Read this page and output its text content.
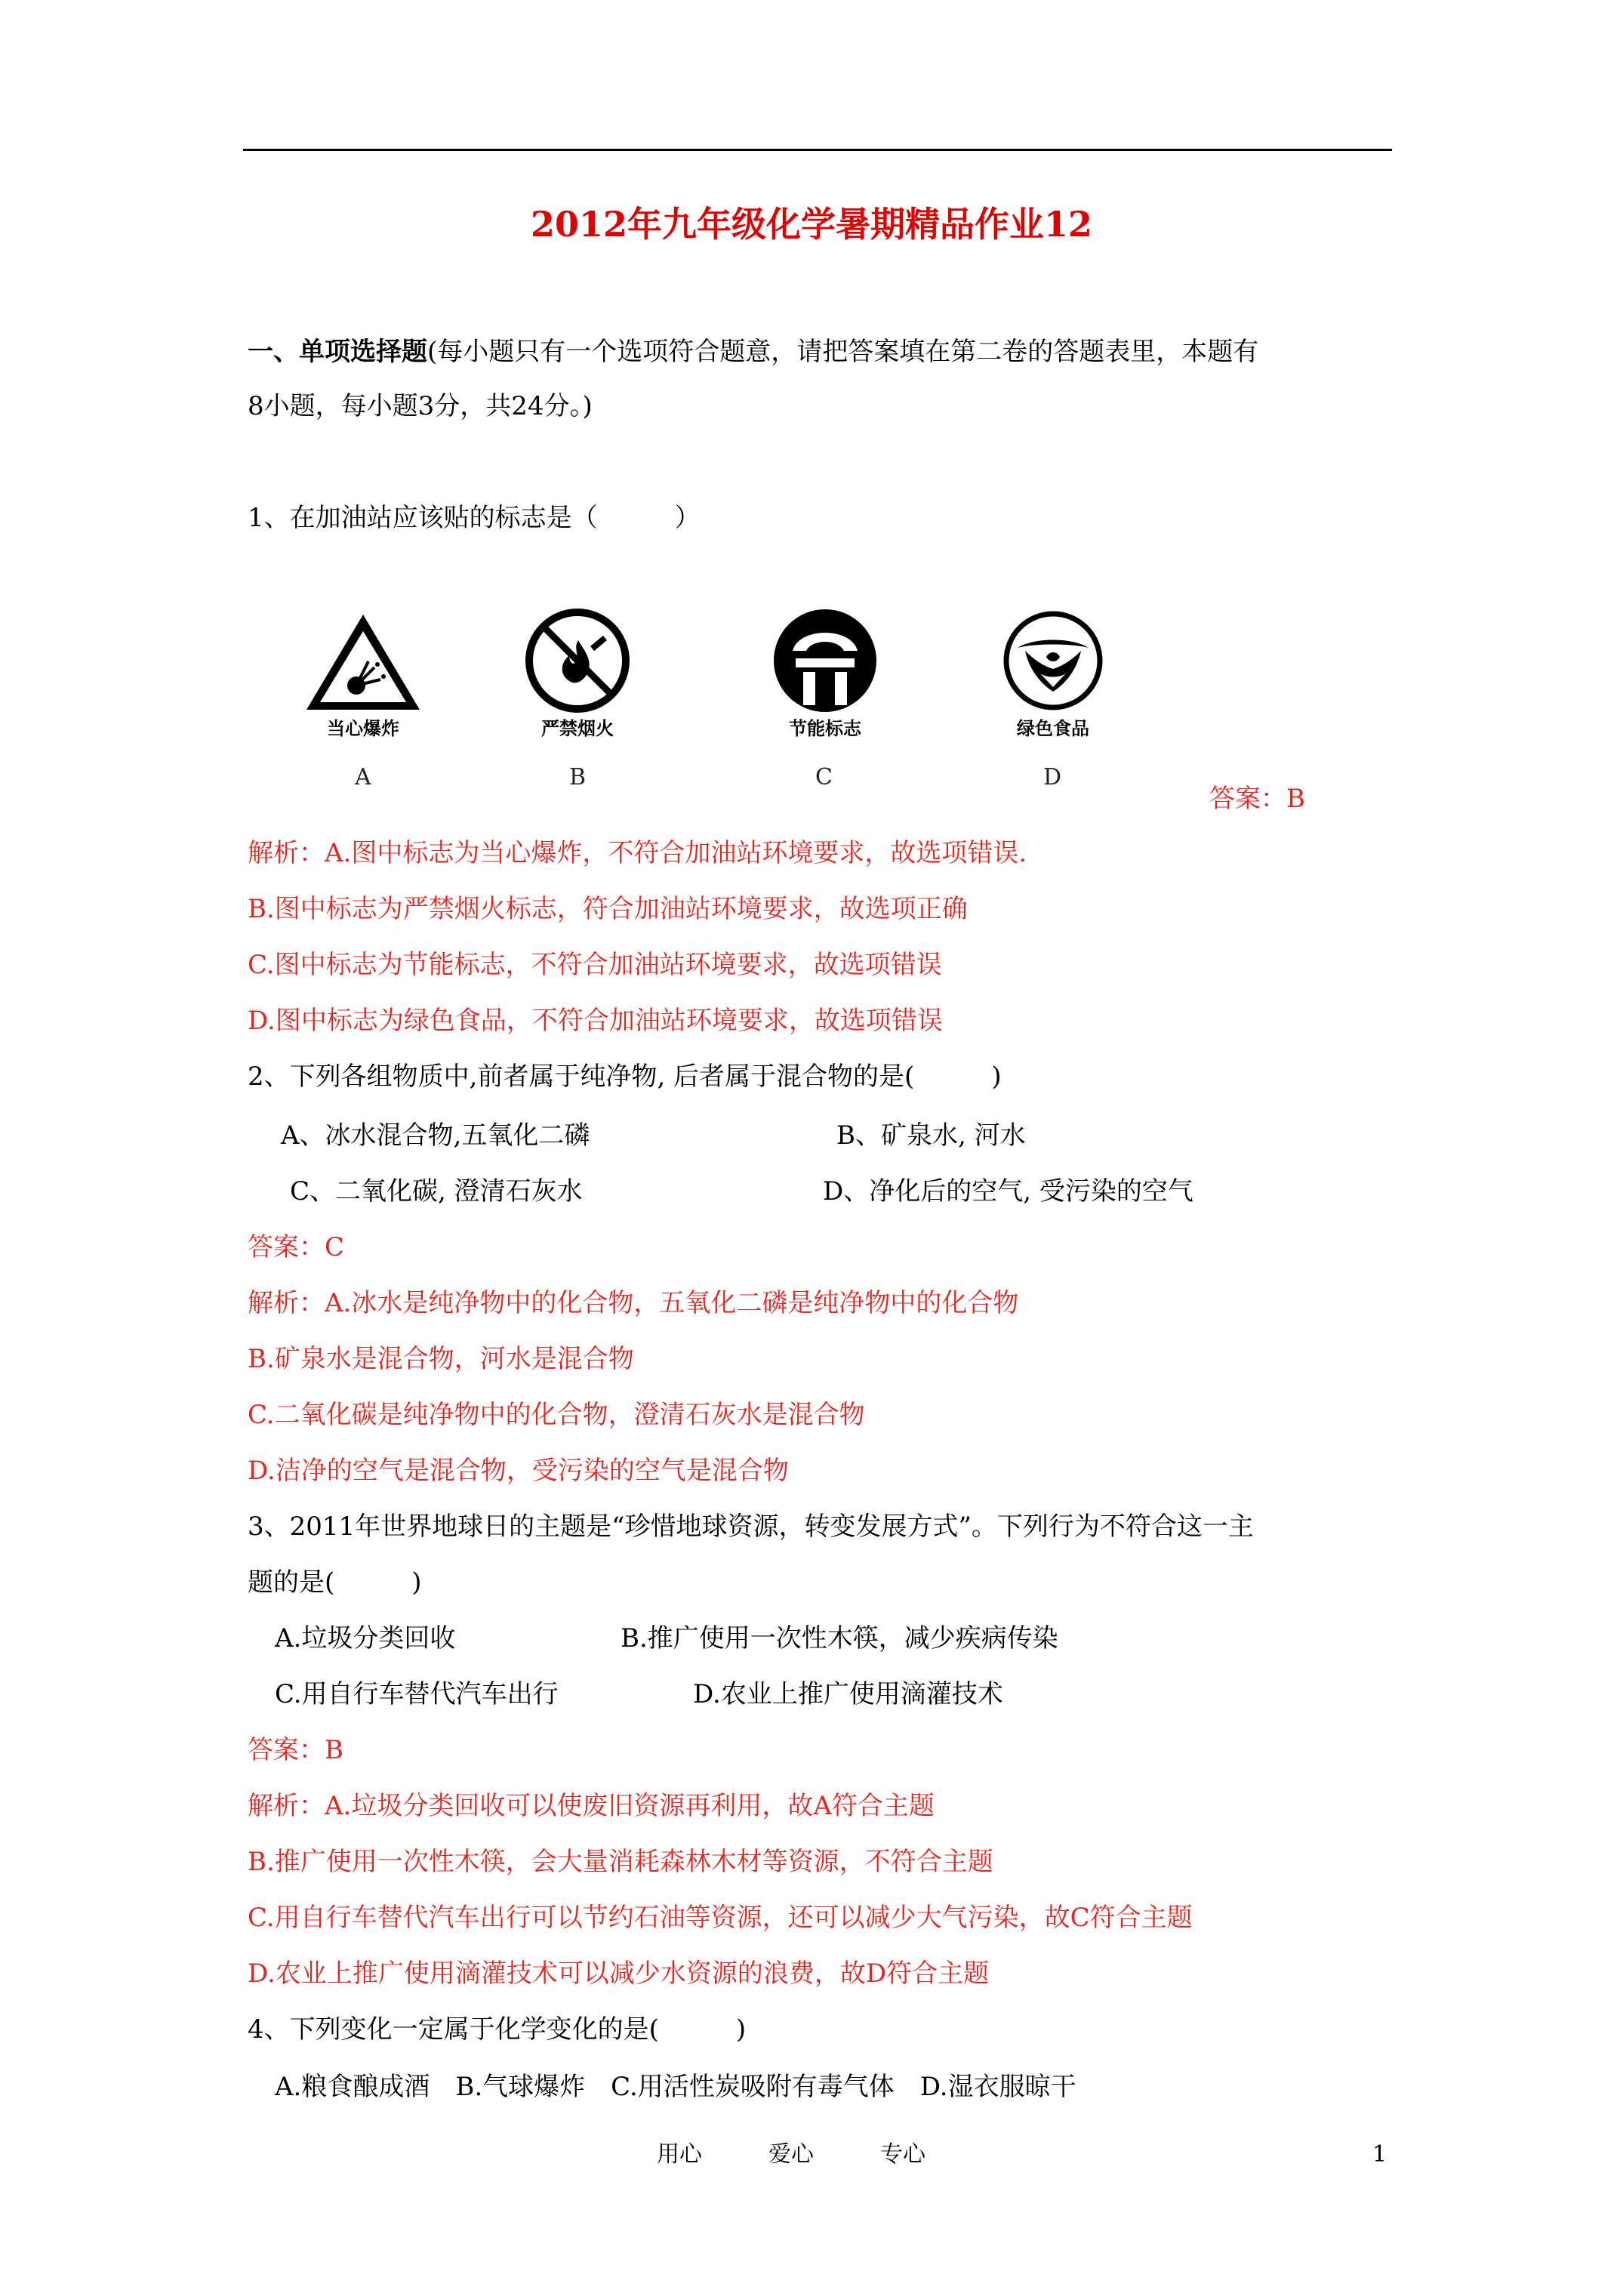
2012年九年级化学暑期精品作业12
一、单项选择题(每小题只有一个选项符合题意，请把答案填在第二卷的答题表里，本题有
8小题，每小题3分，共24分。)
1、在加油站应该贴的标志是（　　　）
当心爆炸
A
严禁烟火
B
节能标志
C
绿色食品
D
答案：B
解析：A.图中标志为当心爆炸，不符合加油站环境要求，故选项错误.
B.图中标志为严禁烟火标志，符合加油站环境要求，故选项正确
C.图中标志为节能标志，不符合加油站环境要求，故选项错误
D.图中标志为绿色食品，不符合加油站环境要求，故选项错误
2、下列各组物质中,前者属于纯净物, 后者属于混合物的是(　　　)
A、冰水混合物,五氧化二磷	B、矿泉水, 河水
C、二氧化碳, 澄清石灰水	D、净化后的空气, 受污染的空气
答案：C
解析：A.冰水是纯净物中的化合物，五氧化二磷是纯净物中的化合物
B.矿泉水是混合物，河水是混合物
C.二氧化碳是纯净物中的化合物，澄清石灰水是混合物
D.洁净的空气是混合物，受污染的空气是混合物
3、2011年世界地球日的主题是“珍惜地球资源，转变发展方式”。下列行为不符合这一主
题的是(　　　)
A.垃圾分类回收	B.推广使用一次性木筷，减少疾病传染
C.用自行车替代汽车出行	D.农业上推广使用滴灌技术
答案：B
解析：A.垃圾分类回收可以使废旧资源再利用，故A符合主题
B.推广使用一次性木筷，会大量消耗森林木材等资源，不符合主题
C.用自行车替代汽车出行可以节约石油等资源，还可以减少大气污染，故C符合主题
D.农业上推广使用滴灌技术可以减少水资源的浪费，故D符合主题
4、下列变化一定属于化学变化的是(　　　)
A.粮食酿成酒　B.气球爆炸　C.用活性炭吸附有毒气体　D.湿衣服晾干
用心	爱心	专心	1
